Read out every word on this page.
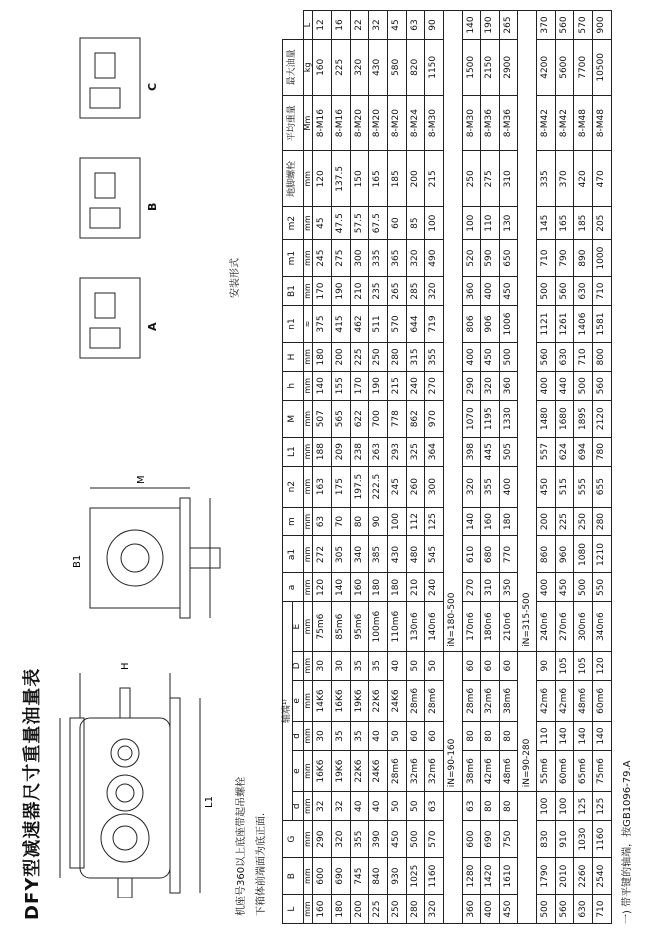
DFY型减速器尺寸重量油量表	L1
H
M
B1
机座号360以上底座带起吊螺栓 下箱体前端面为底正面.
安装形式
A
B
C
L	B	G	轴端¹⁾						a	a1	m	n2	L1	M	h	H	n1	B1	m1	m2	地脚螺栓	平均重量	最大油量	
			d	e	d	e	D	E																
mm	mm	mm	mm	mm	mm	mm	mm	mm	mm	mm	mm	mm	mm	mm	mm	mm	≈	mm	mm	mm	mm	Mm	kg	L
160	600	290	32	16K6	30	14K6	30	75m6	120	272	63	163	188	507	140	180	375	170	245	45	120	8-M16	160	12
180	690	320	32	19K6	35	16K6	30	85m6	140	305	70	175	209	565	155	200	415	190	275	47.5	137.5	8-M16	225	16
200	745	355	40	22K6	35	19K6	35	95m6	160	340	80	197.5	238	622	170	225	462	210	300	57.5	150	8-M20	320	22
225	840	390	40	24K6	40	22K6	35	100m6	180	385	90	222.5	263	700	190	250	511	235	335	67.5	165	8-M20	430	32
250	930	450	50	28m6	50	24K6	40	110m6	180	430	100	245	293	778	215	280	570	265	365	60	185	8-M20	580	45
280	1025	500	50	32m6	60	28m6	50	130n6	210	480	112	260	325	862	240	315	644	285	320	85	200	8-M24	820	63
320	1160	570	63	32m6	60	28m6	50	140n6	240	545	125	300	364	970	270	355	719	320	490	100	215	8-M30	1150	90
				iN=90-160				iN=180-500																
360	1280	600	63	38m6	80	28m6	60	170n6	270	610	140	320	398	1070	290	400	806	360	520	100	250	8-M30	1500	140
400	1420	690	80	42m6	80	32m6	60	180n6	310	680	160	355	445	1195	320	450	906	400	590	110	275	8-M36	2150	190
450	1610	750	80	48m6	80	38m6	60	210n6	350	770	180	400	505	1330	360	500	1006	450	650	130	310	8-M36	2900	265
				iN=90-280				iN=315-500																
500	1790	830	100	55m6	110	42m6	90	240n6	400	860	200	450	557	1480	400	560	1121	500	710	145	335	8-M42	4200	370
560	2010	910	100	60m6	140	42m6	105	270n6	450	960	225	515	624	1680	440	630	1261	560	790	165	370	8-M42	5600	560
630	2260	1030	125	65m6	140	48m6	105	300n6	500	1080	250	555	694	1895	500	710	1406	630	890	185	420	8-M48	7700	570
710	2540	1160	125	75m6	140	60m6	120	340n6	550	1210	280	655	780	2120	560	800	1581	710	1000	205	470	8-M48	10500	900
一) 带平键的轴端，按GB1096-79.A
